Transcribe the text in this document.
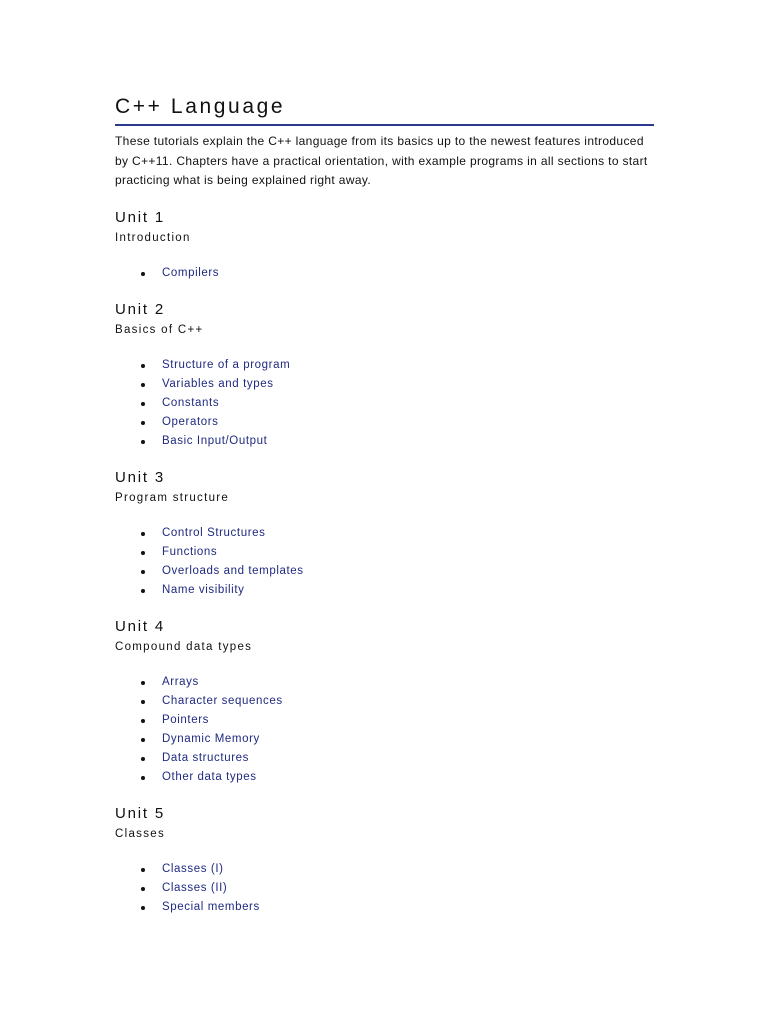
C++ Language

These tutorials explain the C++ language from its basics up to the newest features introduced by C++11. Chapters have a practical orientation, with example programs in all sections to start practicing what is being explained right away.

Unit 1
Introduction
Compilers
Unit 2
Basics of C++
Structure of a program
Variables and types
Constants
Operators
Basic Input/Output
Unit 3
Program structure
Control Structures
Functions
Overloads and templates
Name visibility
Unit 4
Compound data types
Arrays
Character sequences
Pointers
Dynamic Memory
Data structures
Other data types
Unit 5
Classes
Classes (I)
Classes (II)
Special members
